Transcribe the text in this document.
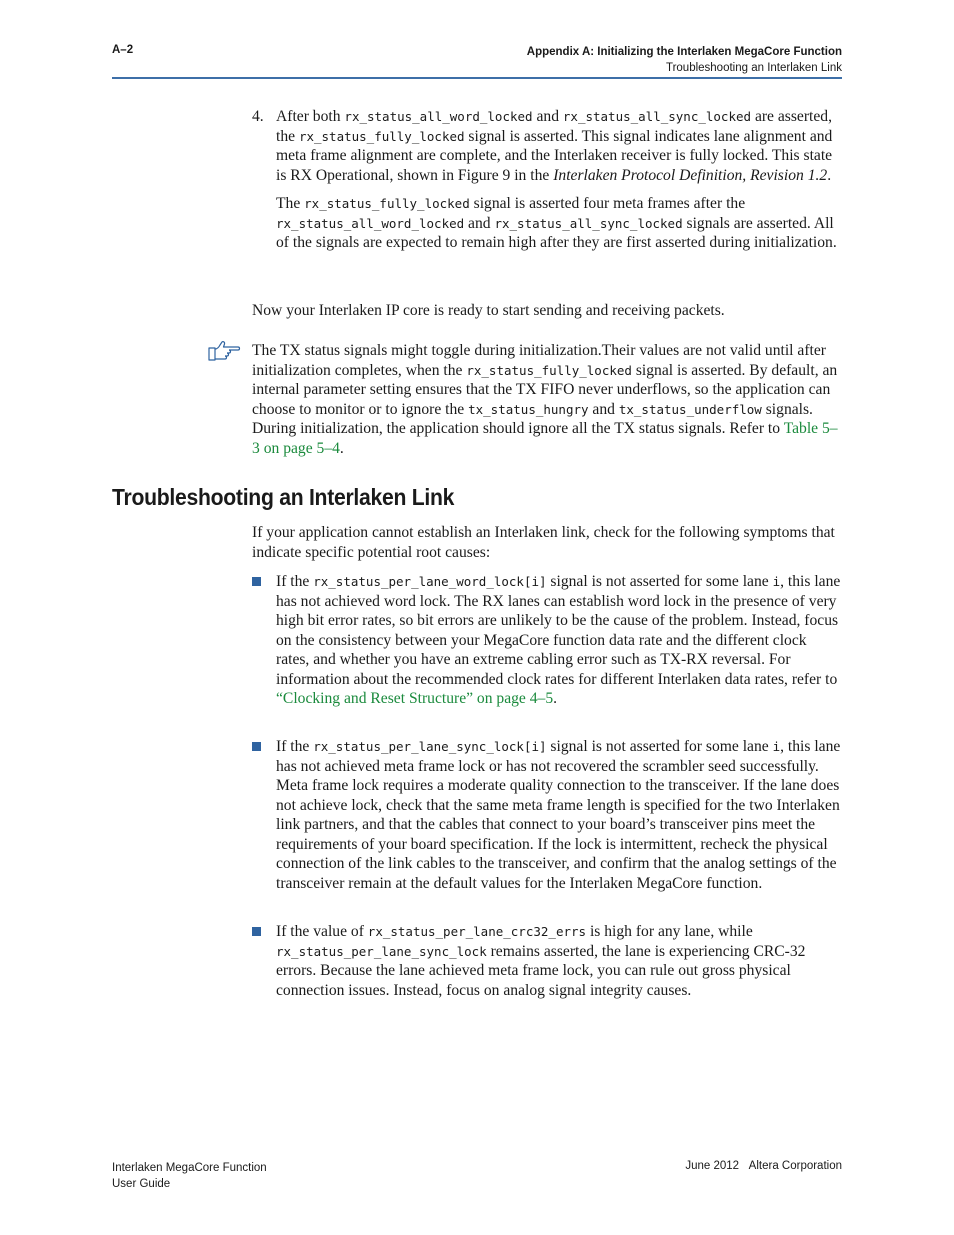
A–2	Appendix A: Initializing the Interlaken MegaCore Function
Troubleshooting an Interlaken Link
4. After both rx_status_all_word_locked and rx_status_all_sync_locked are asserted, the rx_status_fully_locked signal is asserted. This signal indicates lane alignment and meta frame alignment are complete, and the Interlaken receiver is fully locked. This state is RX Operational, shown in Figure 9 in the Interlaken Protocol Definition, Revision 1.2.

The rx_status_fully_locked signal is asserted four meta frames after the rx_status_all_word_locked and rx_status_all_sync_locked signals are asserted. All of the signals are expected to remain high after they are first asserted during initialization.

Now your Interlaken IP core is ready to start sending and receiving packets.

The TX status signals might toggle during initialization.Their values are not valid until after initialization completes, when the rx_status_fully_locked signal is asserted. By default, an internal parameter setting ensures that the TX FIFO never underflows, so the application can choose to monitor or to ignore the tx_status_hungry and tx_status_underflow signals. During initialization, the application should ignore all the TX status signals. Refer to Table 5–3 on page 5–4.

Troubleshooting an Interlaken Link

If your application cannot establish an Interlaken link, check for the following symptoms that indicate specific potential root causes:

If the rx_status_per_lane_word_lock[i] signal is not asserted for some lane i, this lane has not achieved word lock. The RX lanes can establish word lock in the presence of very high bit error rates, so bit errors are unlikely to be the cause of the problem. Instead, focus on the consistency between your MegaCore function data rate and the different clock rates, and whether you have an extreme cabling error such as TX-RX reversal. For information about the recommended clock rates for different Interlaken data rates, refer to “Clocking and Reset Structure” on page 4–5.
If the rx_status_per_lane_sync_lock[i] signal is not asserted for some lane i, this lane has not achieved meta frame lock or has not recovered the scrambler seed successfully. Meta frame lock requires a moderate quality connection to the transceiver. If the lane does not achieve lock, check that the same meta frame length is specified for the two Interlaken link partners, and that the cables that connect to your board’s transceiver pins meet the requirements of your board specification. If the lock is intermittent, recheck the physical connection of the link cables to the transceiver, and confirm that the analog settings of the transceiver remain at the default values for the Interlaken MegaCore function.
If the value of rx_status_per_lane_crc32_errs is high for any lane, while rx_status_per_lane_sync_lock remains asserted, the lane is experiencing CRC-32 errors. Because the lane achieved meta frame lock, you can rule out gross physical connection issues. Instead, focus on analog signal integrity causes.
Interlaken MegaCore Function
User Guide
June 2012 Altera Corporation
